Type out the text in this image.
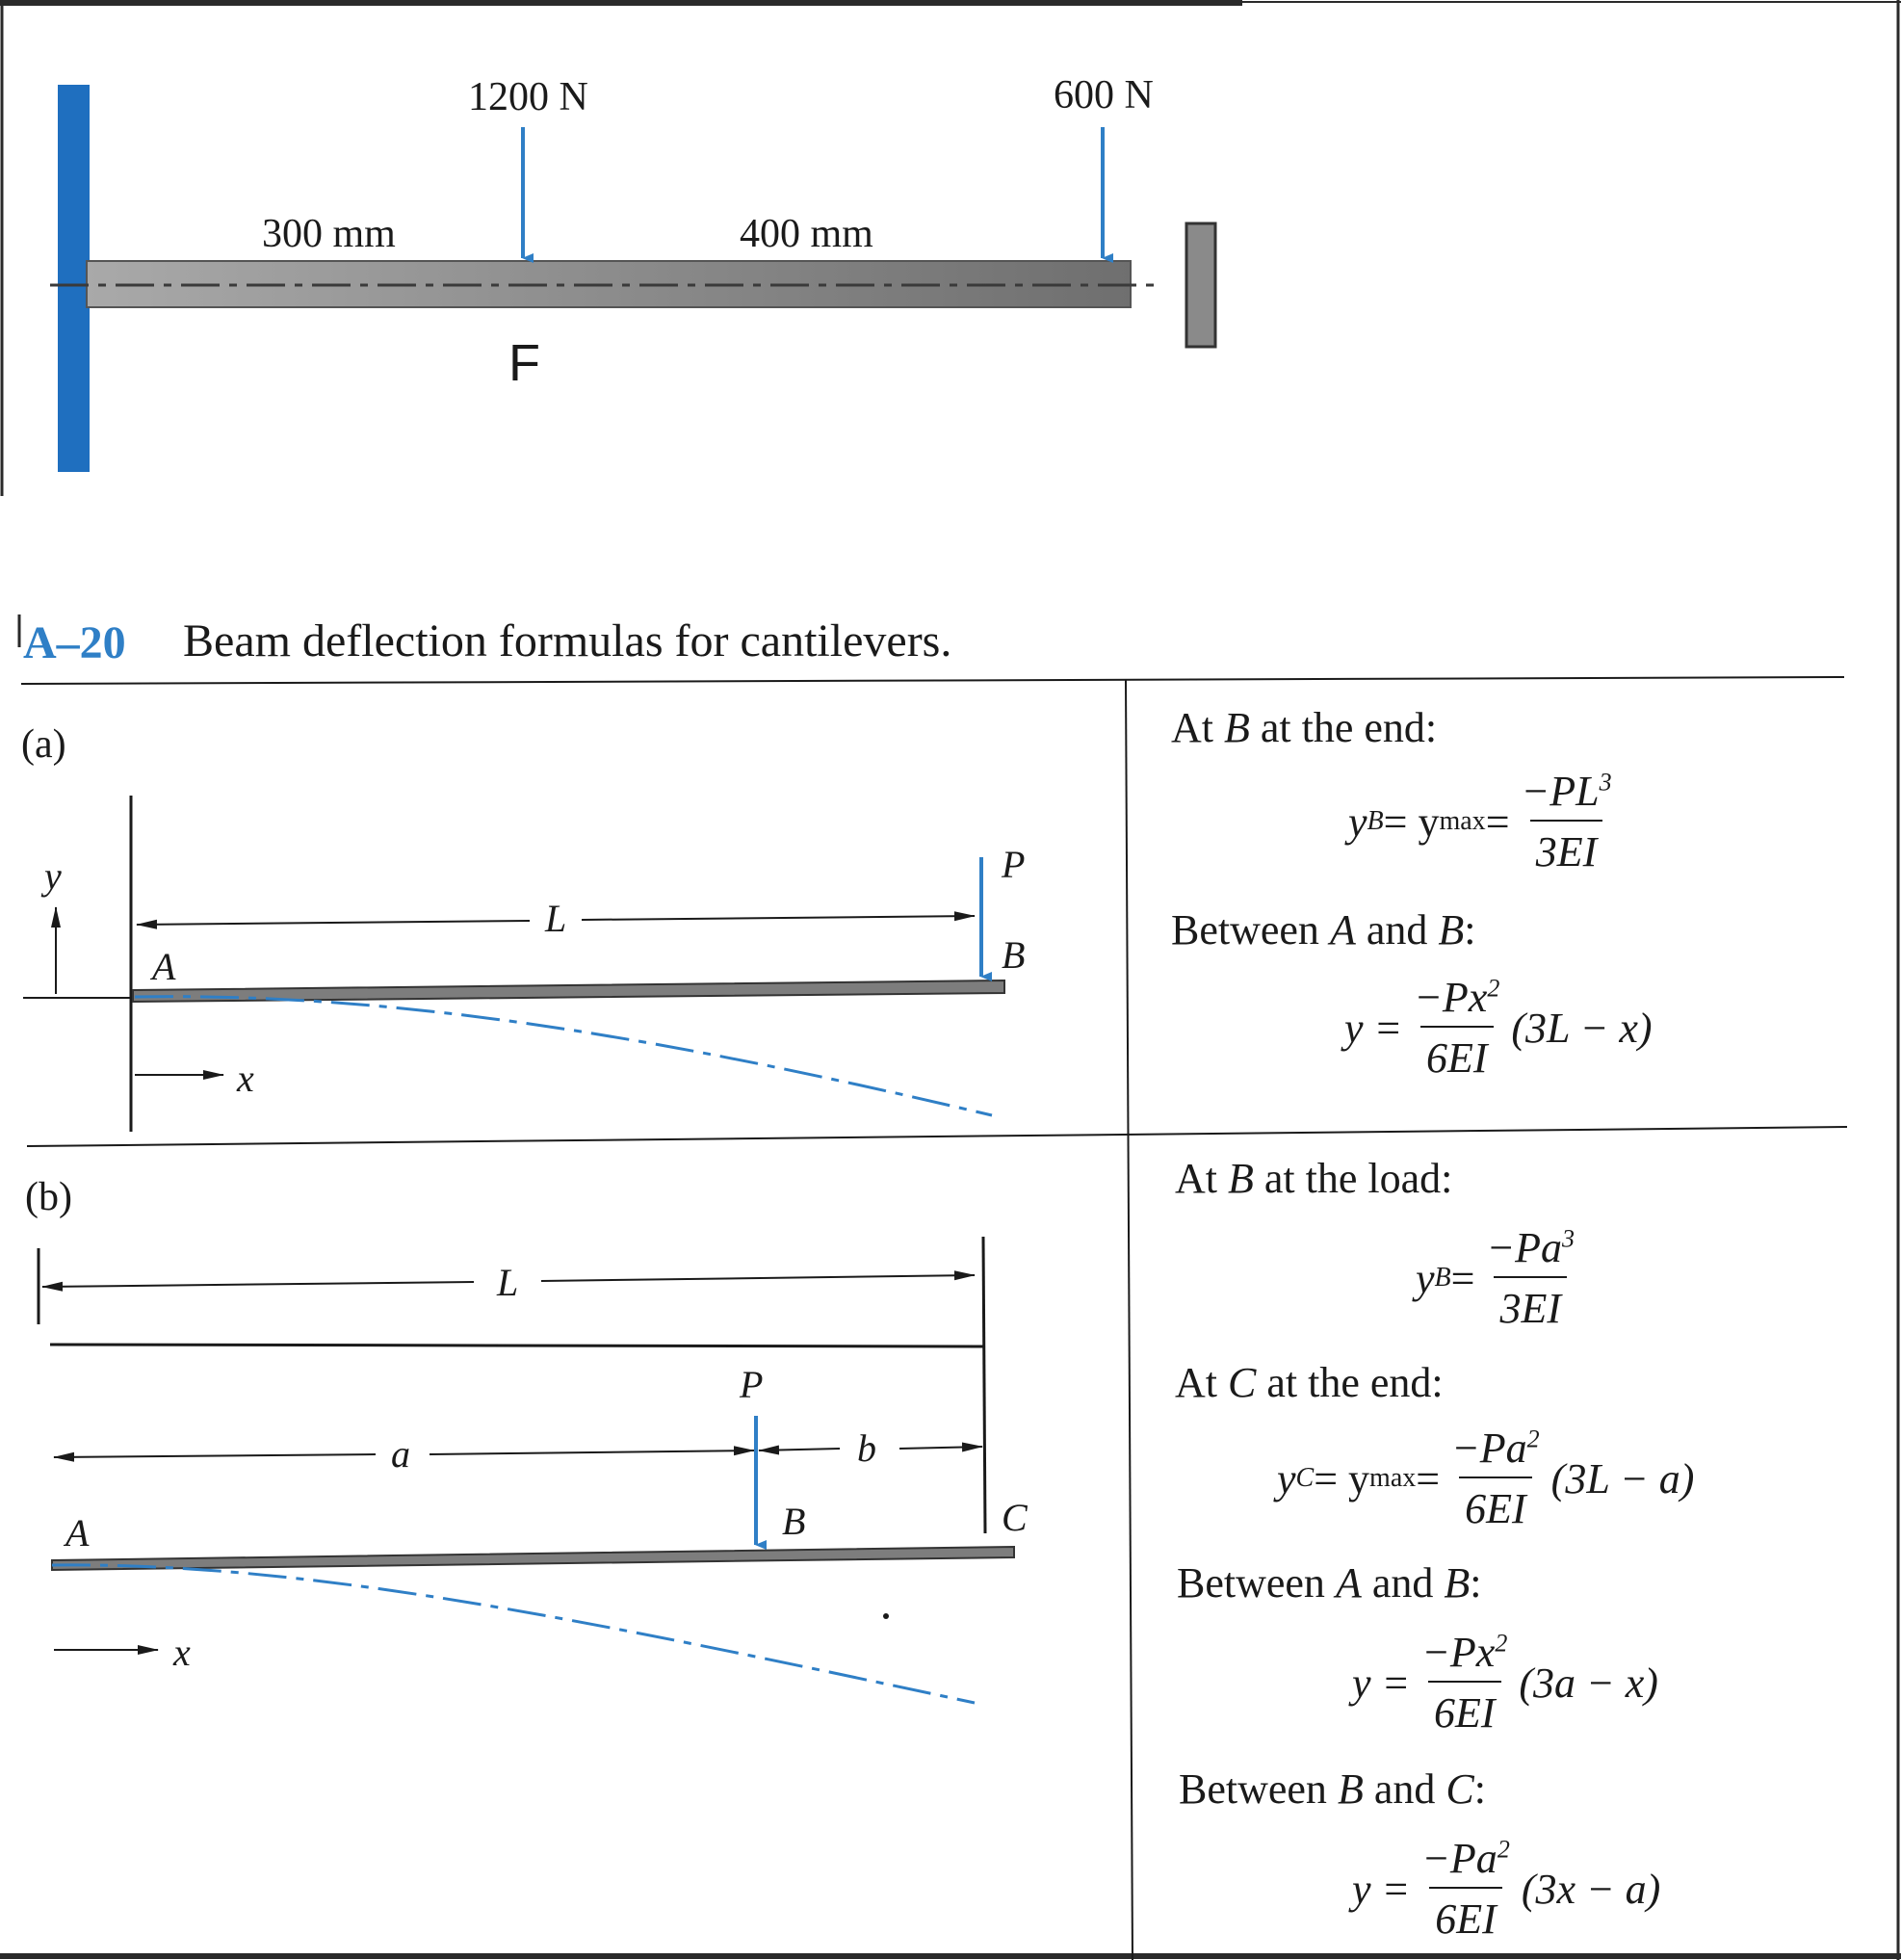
1200 N	600 N
300 mm	400 mm
F
A–20 Beam deflection formulas for cantilevers.
(a)
y
x
A	B
P
L
At B at the end:
y B = y $\max = \frac{-PL^3}{3EI}$
Between A and B:
$y = \frac{-Px^2}{6EI} (3L - x)$
(b)
L
a	b
P
A	B	C
x
At B at the load:
y $B = \frac{-Pa^3}{3EI}$
At C at the end:
y C = y $\max = \frac{-Pa^2}{6EI} (3L - a)$
Between A and B:
$y = \frac{-Px^2}{6EI} (3a - x)$
Between B and C:
$y = \frac{-Pa^2}{6EI} (3x - a)$
